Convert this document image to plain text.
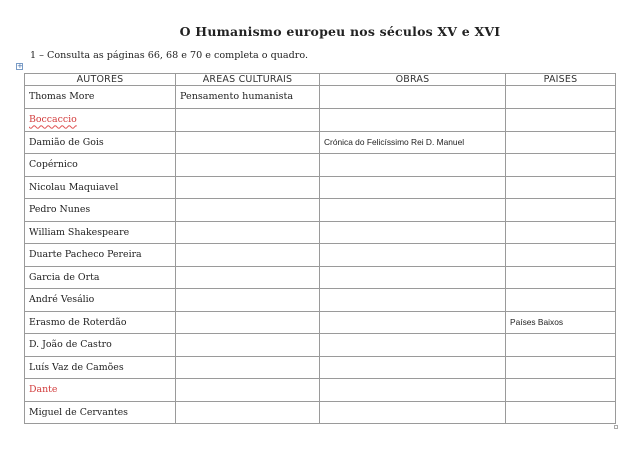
O Humanismo europeu nos séculos XV e XVI
1 – Consulta as páginas 66, 68 e 70 e completa o quadro.
+
AUTORES	ÁREAS CULTURAIS	OBRAS	PAÍSES
Thomas More	Pensamento humanista		
Boccaccio			
Damião de Gois		Crónica do Felicíssimo Rei D. Manuel	
Copérnico			
Nicolau Maquiavel			
Pedro Nunes			
William Shakespeare			
Duarte Pacheco Pereira			
Garcia de Orta			
André Vesálio			
Erasmo de Roterdão			Países Baixos
D. João de Castro			
Luís Vaz de Camões			
Dante			
Miguel de Cervantes			
